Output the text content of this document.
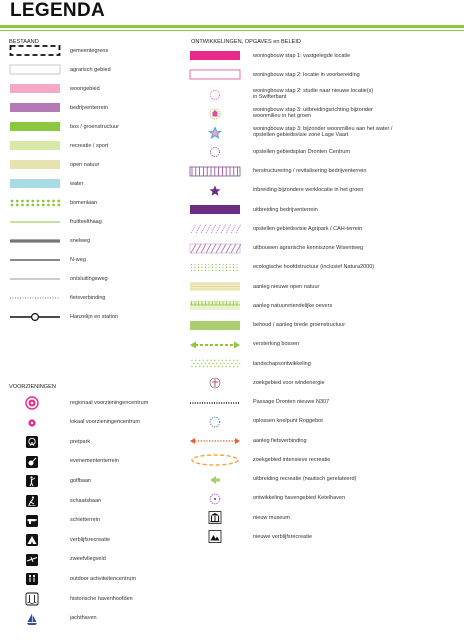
LEGENDA
BESTAAND	ONTWIKKELINGEN, OPGAVES en BELEID
VOORZIENINGEN
gemeentegrens
agrarisch gebied
woongebied
bedrijventerrein
bos / groenstructuur
recreatie / sport
open natuur
water
bomenlaan
fruitteelthaag
snelweg
N-weg
ontsluitingsweg
fietsverbinding
Hanzelijn en station
regionaal voorzieningencentrum
lokaal voorzieningencentrum
pretpark
evenemententerrein
golfbaan
schaatsbaan
schietterrein
verblijfsrecreatie
zweefvliegveld
outdoor activiteitencentrum
historische havenhoofden
jachthaven
woningbouw stap 1: vastgelegde locatie
woningbouw stap 2: locatie in voorbereiding
woningbouw stap 2: studie naar nieuwe locatie(s)
in Swifterbant
woningbouw stap 3: uitbreidingsrichting bijzonder
woonmilieu in het groen
woningbouw stap 3: bijzonder woonmilieu aan het water /
opstellen gebiedsvisie zone Lage Vaart
opstellen gebiedsplan Dronten Centrum
herstructurering / revitalisering bedrijventerrein
inbreiding bijzondere werklocatie in het groen
uitbreiding bedrijventerrein
opstellen gebiedsvisie Agripark / CAH-terrein
uitbouwen agrarische kenniszone Wisentweg
ecologische hoofdstructuur (inclusief Natura2000)
aanleg nieuwe open natuur
aanleg natuurvriendelijke oevers
behoud / aanleg brede groenstructuur
versterking bossen
landschapsontwikkeling
zoekgebied voor windenergie
Passage Dronten nieuwe N307
oplossen knelpunt Roggebot
aanleg fietsverbinding
zoekgebied intensieve recreatie
uitbreiding recreatie (nautisch gerelateerd)
ontwikkeling havengebied Ketelhaven
nieuw museum
nieuwe verblijfsrecreatie
